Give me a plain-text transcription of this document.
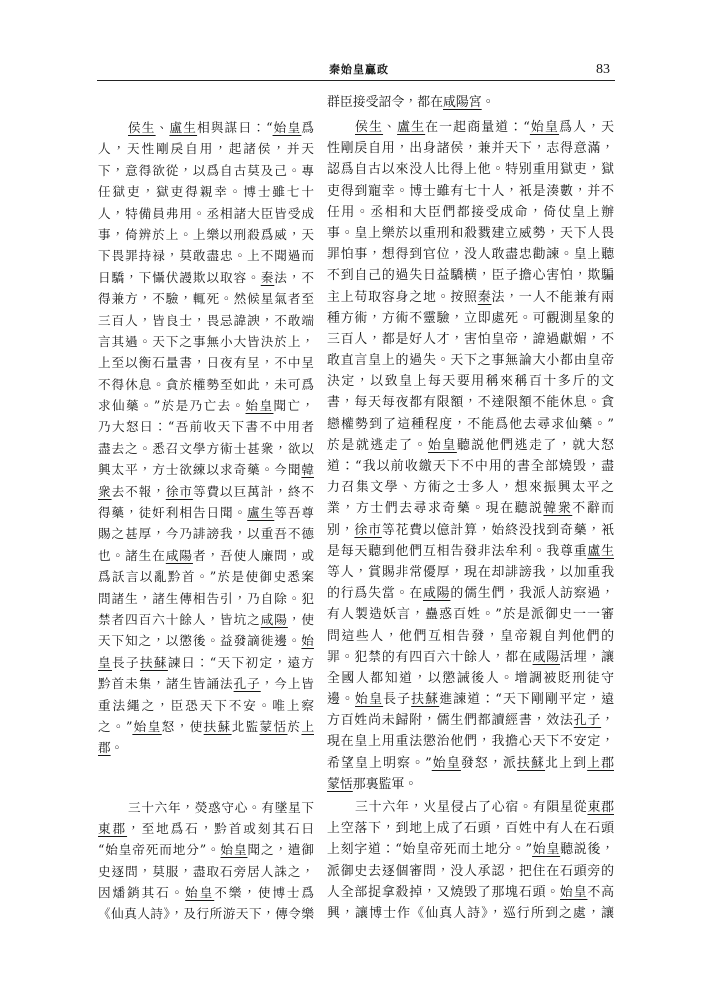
秦始皇贏政	83
侯生、盧生相與謀曰：“始皇爲
人，天性剛戾自用，起諸侯，并天
下，意得欲從，以爲自古莫及己。專
任獄吏，獄吏得親幸。博士雖七十
人，特備員弗用。丞相諸大臣皆受成
事，倚辨於上。上樂以刑殺爲威，天
下畏罪持禄，莫敢盡忠。上不聞過而
日驕，下懾伏謾欺以取容。秦法，不
得兼方，不驗，輒死。然候星氣者至
三百人，皆良士，畏忌諱諛，不敢端
言其過。天下之事無小大皆決於上，
上至以衡石量書，日夜有呈，不中呈
不得休息。貪於權勢至如此，未可爲
求仙藥。”於是乃亡去。始皇聞亡，
乃大怒曰：“吾前收天下書不中用者
盡去之。悉召文學方術士甚衆，欲以
興太平，方士欲練以求奇藥。今聞韓
衆去不報，徐市等費以巨萬計，終不
得藥，徒奸利相告日聞。盧生等吾尊
賜之甚厚，今乃誹謗我，以重吾不德
也。諸生在咸陽者，吾使人廉問，或
爲訞言以亂黔首。”於是使御史悉案
問諸生，諸生傳相告引，乃自除。犯
禁者四百六十餘人，皆坑之咸陽，使
天下知之，以懲後。益發謫徙邊。始
皇長子扶蘇諫曰：“天下初定，遠方
黔首未集，諸生皆誦法孔子，今上皆
重法繩之，臣恐天下不安。唯上察
之。”始皇怒，使扶蘇北監蒙恬於上
郡。
三十六年，熒惑守心。有墜星下
東郡，至地爲石，黔首或刻其石曰
“始皇帝死而地分”。始皇聞之，遣御
史逐問，莫服，盡取石旁居人誅之，
因燔銷其石。始皇不樂，使博士爲
《仙真人詩》，及行所游天下，傳令樂
群臣接受詔令，都在咸陽宮。
侯生、盧生在一起商量道：“始皇爲人，天
性剛戾自用，出身諸侯，兼并天下，志得意滿，
認爲自古以來没人比得上他。特别重用獄吏，獄
吏得到寵幸。博士雖有七十人，衹是湊數，并不
任用。丞相和大臣們都接受成命，倚仗皇上辦
事。皇上樂於以重刑和殺戮建立威勢，天下人畏
罪怕事，想得到官位，没人敢盡忠勸諫。皇上聽
不到自己的過失日益驕横，臣子擔心害怕，欺騙
主上苟取容身之地。按照秦法，一人不能兼有兩
種方術，方術不靈驗，立即處死。可觀測星象的
三百人，都是好人才，害怕皇帝，諱過獻媚，不
敢直言皇上的過失。天下之事無論大小都由皇帝
決定，以致皇上每天要用稱來稱百十多斤的文
書，每天每夜都有限額，不達限額不能休息。貪
戀權勢到了這種程度，不能爲他去尋求仙藥。”
於是就逃走了。始皇聽説他們逃走了，就大怒
道：“我以前收繳天下不中用的書全部燒毁，盡
力召集文學、方術之士多人，想來振興太平之
業，方士們去尋求奇藥。現在聽説韓衆不辭而
别，徐市等花費以億計算，始終没找到奇藥，衹
是每天聽到他們互相告發非法牟利。我尊重盧生
等人，賞賜非常優厚，現在却誹謗我，以加重我
的行爲失當。在咸陽的儒生們，我派人訪察過，
有人製造妖言，蠱惑百姓。”於是派御史一一審
問這些人，他們互相告發，皇帝親自判他們的
罪。犯禁的有四百六十餘人，都在咸陽活埋，讓
全國人都知道，以懲誡後人。增調被貶刑徒守
邊。始皇長子扶蘇進諫道：“天下剛剛平定，遠
方百姓尚未歸附，儒生們都讀經書，效法孔子，
現在皇上用重法懲治他們，我擔心天下不安定，
希望皇上明察。”始皇發怒，派扶蘇北上到上郡
蒙恬那裏監軍。
三十六年，火星侵占了心宿。有隕星從東郡
上空落下，到地上成了石頭，百姓中有人在石頭
上刻字道：“始皇帝死而土地分。”始皇聽説後，
派御史去逐個審問，没人承認，把住在石頭旁的
人全部捉拿殺掉，又燒毁了那塊石頭。始皇不高
興，讓博士作《仙真人詩》，巡行所到之處，讓
